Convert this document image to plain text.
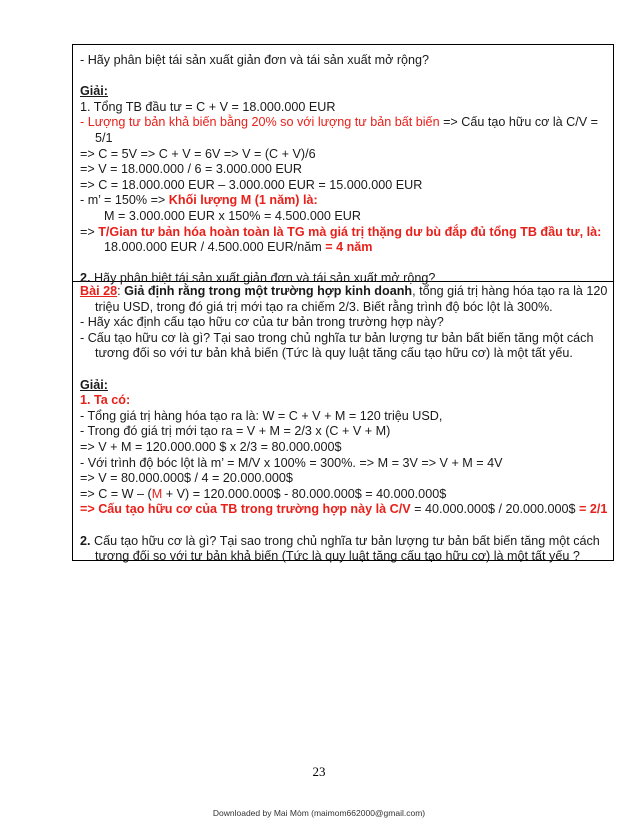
- Hãy phân biệt tái sản xuất giản đơn và tái sản xuất mở rộng?
Giải:
1. Tổng TB đầu tư = C + V = 18.000.000 EUR
- Lượng tư bản khả biến bằng 20% so với lượng tư bản bất biến => Cấu tạo hữu cơ là C/V =
5/1
=> C = 5V => C + V = 6V => V = (C + V)/6
=> V = 18.000.000 / 6 = 3.000.000 EUR
=> C = 18.000.000 EUR – 3.000.000 EUR = 15.000.000 EUR
- m’ = 150% => Khối lượng M (1 năm) là:
M = 3.000.000 EUR x 150% = 4.500.000 EUR
=> T/Gian tư bản hóa hoàn toàn là TG mà giá trị thặng dư bù đắp đủ tổng TB đầu tư, là:
18.000.000 EUR / 4.500.000 EUR/năm = 4 năm
2. Hãy phân biệt tái sản xuất giản đơn và tái sản xuất mở rộng?
Bài 28: Giả định rằng trong một trường hợp kinh doanh, tổng giá trị hàng hóa tạo ra là 120
triệu USD, trong đó giá trị mới tạo ra chiếm 2/3. Biết rằng trình độ bóc lột là 300%.
- Hãy xác định cấu tạo hữu cơ của tư bản trong trường hợp này?
- Cấu tạo hữu cơ là gì? Tại sao trong chủ nghĩa tư bản lượng tư bản bất biến tăng một cách
tương đối so với tư bản khả biến (Tức là quy luật tăng cấu tạo hữu cơ) là một tất yếu.
Giải:
1. Ta có:
- Tổng giá trị hàng hóa tạo ra là: W = C + V + M = 120 triệu USD,
- Trong đó giá trị mới tạo ra = V + M = 2/3 x (C + V + M)
=> V + M = 120.000.000 $ x 2/3 = 80.000.000$
- Với trình độ bóc lột là m’ = M/V x 100% = 300%. => M = 3V => V + M = 4V
=> V = 80.000.000$ / 4 = 20.000.000$
=> C = W – (M + V) = 120.000.000$ - 80.000.000$ = 40.000.000$
=> Cấu tạo hữu cơ của TB trong trường hợp này là C/V = 40.000.000$ / 20.000.000$ = 2/1
2. Cấu tạo hữu cơ là gì? Tại sao trong chủ nghĩa tư bản lượng tư bản bất biến tăng một cách
tương đối so với tư bản khả biến (Tức là quy luật tăng cấu tạo hữu cơ) là một tất yếu ?
23
Downloaded by Mai Mòm (maimom662000@gmail.com)
